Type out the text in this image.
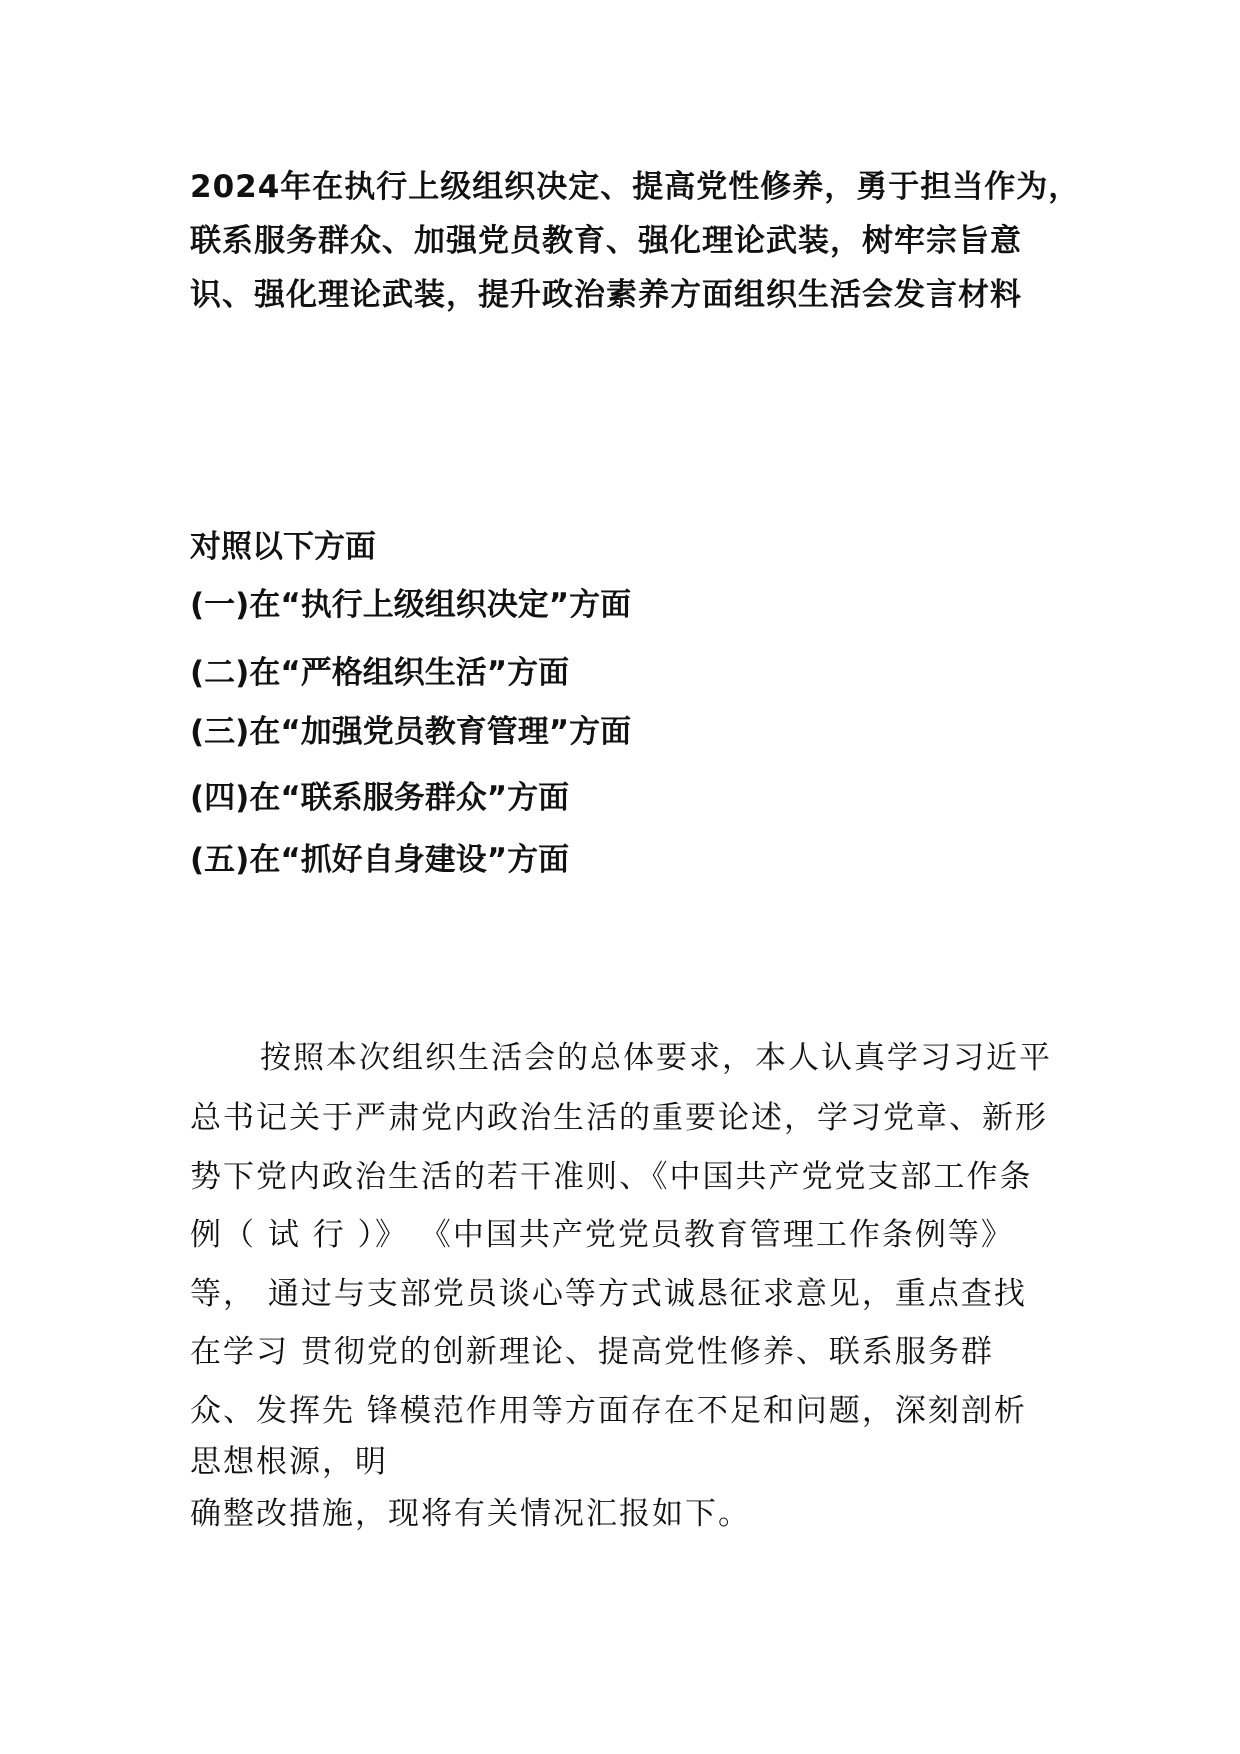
2024年在执行上级组织决定、提高党性修养，勇于担当作为，
联系服务群众、加强党员教育、强化理论武装，树牢宗旨意
识、强化理论武装，提升政治素养方面组织生活会发言材料

对照以下方面

(一)在“执行上级组织决定”方面

(二)在“严格组织生活”方面

(三)在“加强党员教育管理”方面

(四)在“联系服务群众”方面

(五)在“抓好自身建设”方面

按照本次组织生活会的总体要求，本人认真学习习近平

总书记关于严肃党内政治生活的重要论述，学习党章、新形

势下党内政治生活的若干准则、《中国共产党党支部工作条

例（ 试 行 ）》 《中国共产党党员教育管理工作条例等》

等， 通过与支部党员谈心等方式诚恳征求意见，重点查找

在学习 贯彻党的创新理论、提高党性修养、联系服务群

众、发挥先 锋模范作用等方面存在不足和问题，深刻剖析

思想根源，明

确整改措施，现将有关情况汇报如下。
